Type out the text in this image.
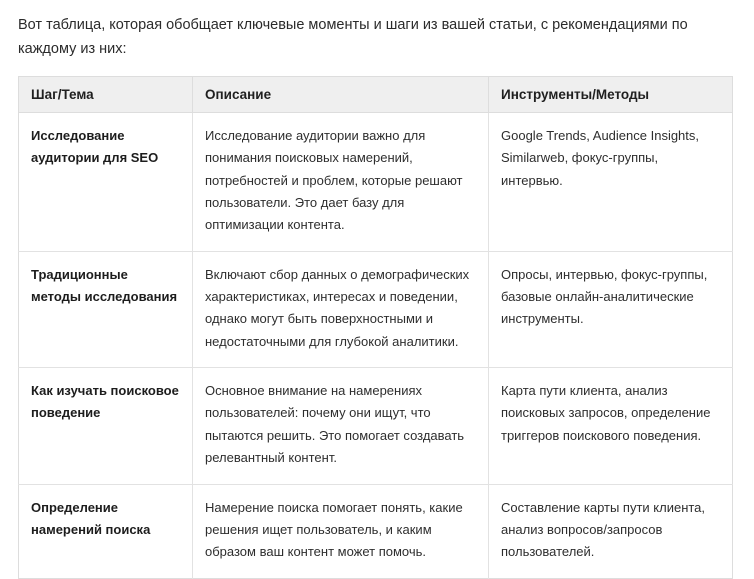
Вот таблица, которая обобщает ключевые моменты и шаги из вашей статьи, с рекомендациями по каждому из них:

Шаг/Тема	Описание	Инструменты/Методы
Исследование аудитории для SEO	Исследование аудитории важно для понимания поисковых намерений, потребностей и проблем, которые решают пользователи. Это дает базу для оптимизации контента.	Google Trends, Audience Insights, Similarweb, фокус-группы, интервью.
Традиционные методы исследования	Включают сбор данных о демографических характеристиках, интересах и поведении, однако могут быть поверхностными и недостаточными для глубокой аналитики.	Опросы, интервью, фокус-группы, базовые онлайн-аналитические инструменты.
Как изучать поисковое поведение	Основное внимание на намерениях пользователей: почему они ищут, что пытаются решить. Это помогает создавать релевантный контент.	Карта пути клиента, анализ поисковых запросов, определение триггеров поискового поведения.
Определение намерений поиска	Намерение поиска помогает понять, какие решения ищет пользователь, и каким образом ваш контент может помочь.	Составление карты пути клиента, анализ вопросов/запросов пользователей.
